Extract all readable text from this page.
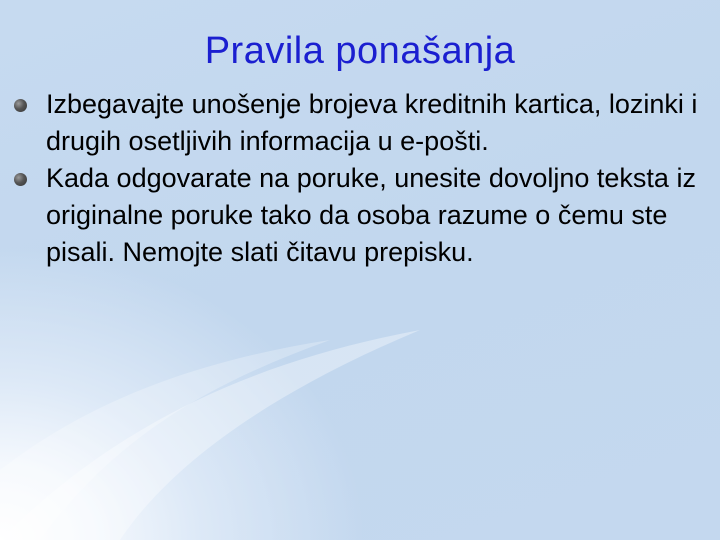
Pravila ponašanja
Izbegavajte unošenje brojeva kreditnih kartica, lozinki i drugih osetljivih informacija u e-pošti.
Kada odgovarate na poruke, unesite dovoljno teksta iz originalne poruke tako da osoba razume o čemu ste pisali. Nemojte slati čitavu prepisku.
